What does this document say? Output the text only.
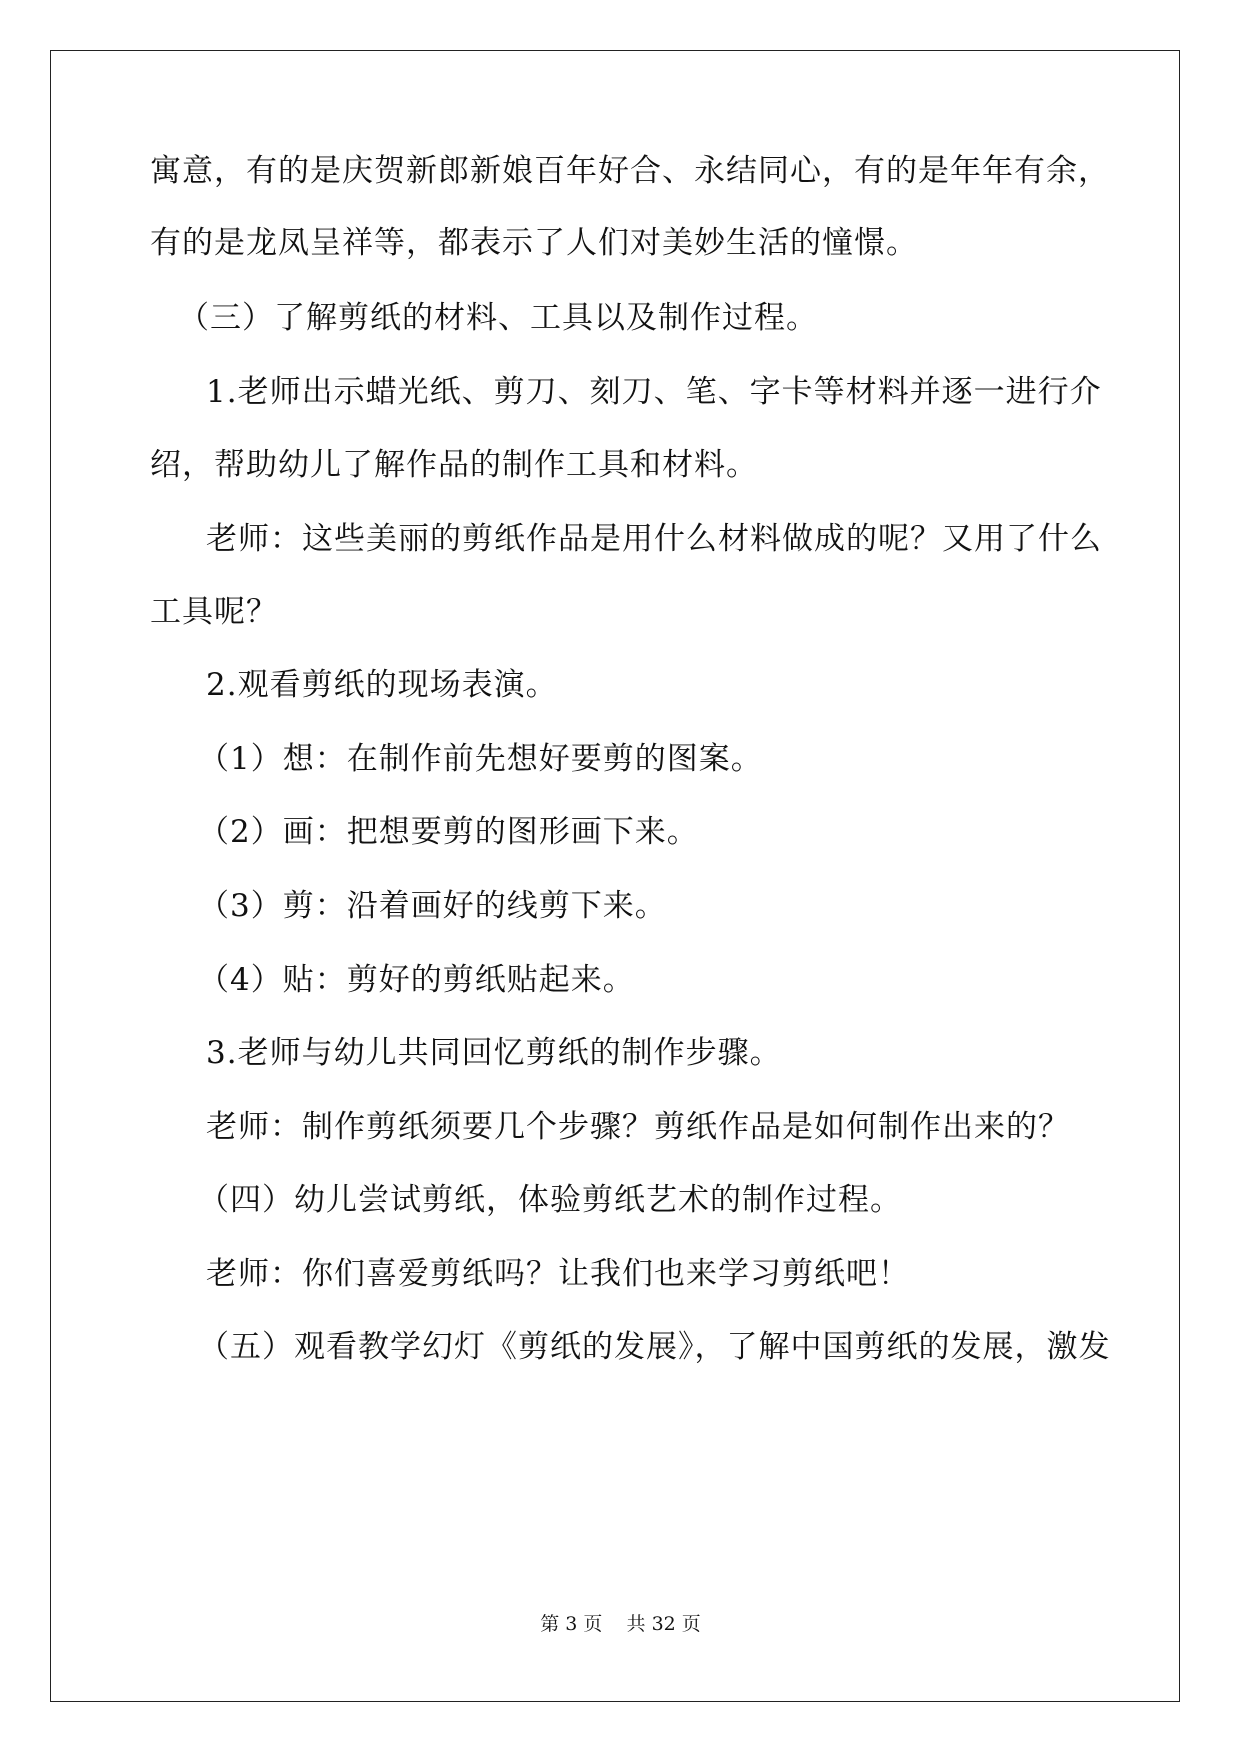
寓意，有的是庆贺新郎新娘百年好合、永结同心，有的是年年有余，
有的是龙凤呈祥等，都表示了人们对美妙生活的憧憬。
（三）了解剪纸的材料、工具以及制作过程。
1.老师出示蜡光纸、剪刀、刻刀、笔、字卡等材料并逐一进行介
绍，帮助幼儿了解作品的制作工具和材料。
老师：这些美丽的剪纸作品是用什么材料做成的呢？又用了什么
工具呢？
2.观看剪纸的现场表演。
（1）想：在制作前先想好要剪的图案。
（2）画：把想要剪的图形画下来。
（3）剪：沿着画好的线剪下来。
（4）贴：剪好的剪纸贴起来。
3.老师与幼儿共同回忆剪纸的制作步骤。
老师：制作剪纸须要几个步骤？剪纸作品是如何制作出来的？
（四）幼儿尝试剪纸，体验剪纸艺术的制作过程。
老师：你们喜爱剪纸吗？让我们也来学习剪纸吧！
（五）观看教学幻灯《剪纸的发展》，了解中国剪纸的发展，激发
第 3 页 共 32 页
